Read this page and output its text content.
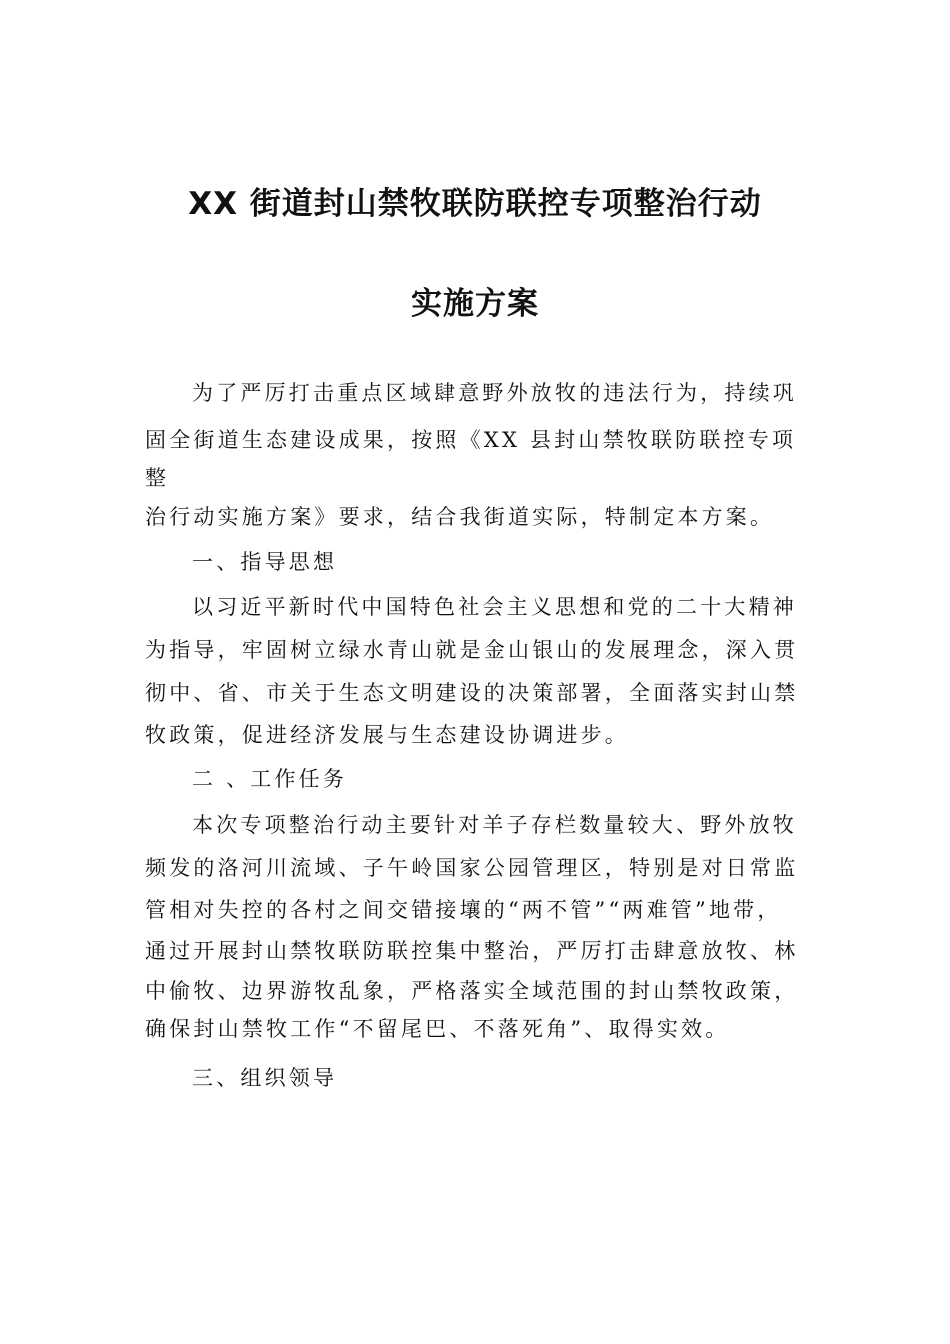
XX 街道封山禁牧联防联控专项整治行动
实施方案

为了严厉打击重点区域肆意野外放牧的违法行为，持续巩

固全街道生态建设成果，按照《XX 县封山禁牧联防联控专项

整

治行动实施方案》要求，结合我街道实际，特制定本方案。

一、指导思想

以习近平新时代中国特色社会主义思想和党的二十大精神

为指导，牢固树立绿水青山就是金山银山的发展理念，深入贯

彻中、省、市关于生态文明建设的决策部署，全面落实封山禁

牧政策，促进经济发展与生态建设协调进步。

二 、工作任务

本次专项整治行动主要针对羊子存栏数量较大、野外放牧

频发的洛河川流域、子午岭国家公园管理区，特别是对日常监

管相对失控的各村之间交错接壤的“两不管”“两难管”地带，

通过开展封山禁牧联防联控集中整治，严厉打击肆意放牧、林

中偷牧、边界游牧乱象，严格落实全域范围的封山禁牧政策，

确保封山禁牧工作“不留尾巴、不落死角”、取得实效。

三、组织领导
